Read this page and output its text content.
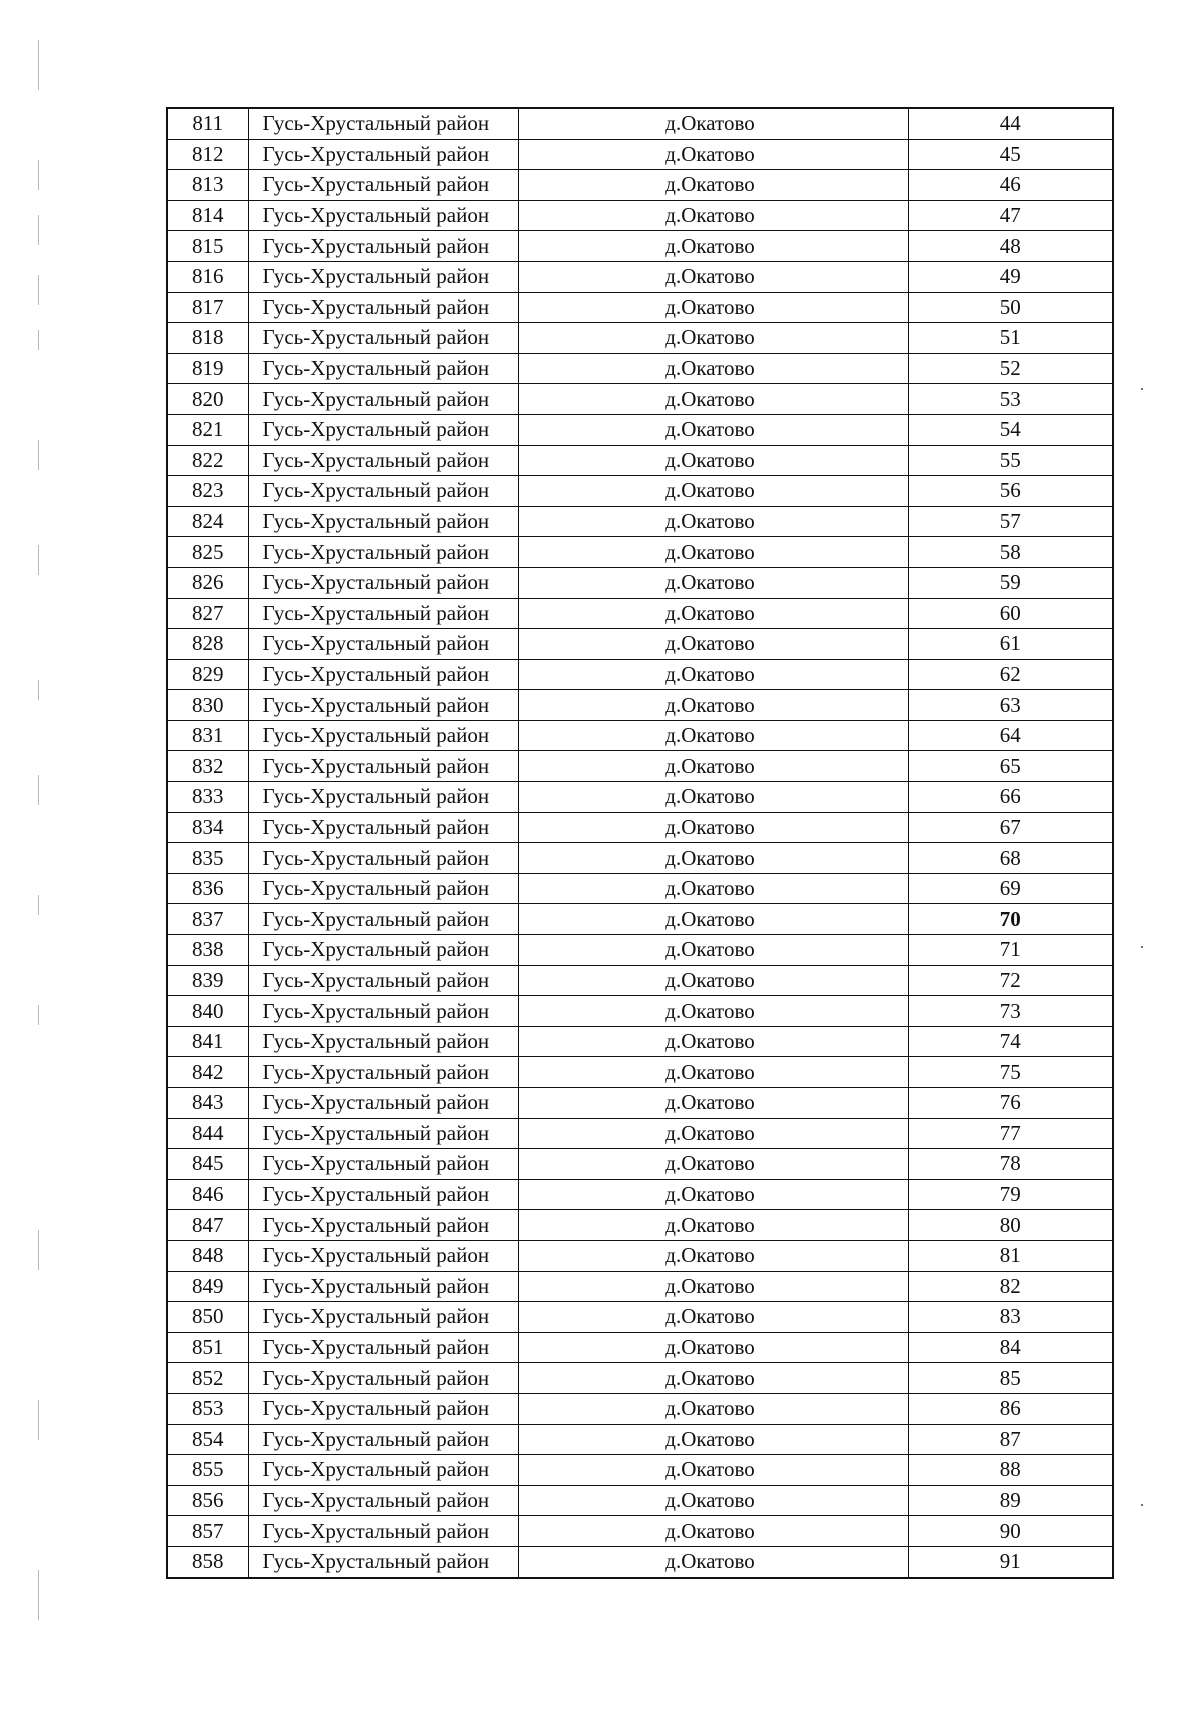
811	Гусь-Хрустальный район	д.Окатово	44
812	Гусь-Хрустальный район	д.Окатово	45
813	Гусь-Хрустальный район	д.Окатово	46
814	Гусь-Хрустальный район	д.Окатово	47
815	Гусь-Хрустальный район	д.Окатово	48
816	Гусь-Хрустальный район	д.Окатово	49
817	Гусь-Хрустальный район	д.Окатово	50
818	Гусь-Хрустальный район	д.Окатово	51
819	Гусь-Хрустальный район	д.Окатово	52
820	Гусь-Хрустальный район	д.Окатово	53
821	Гусь-Хрустальный район	д.Окатово	54
822	Гусь-Хрустальный район	д.Окатово	55
823	Гусь-Хрустальный район	д.Окатово	56
824	Гусь-Хрустальный район	д.Окатово	57
825	Гусь-Хрустальный район	д.Окатово	58
826	Гусь-Хрустальный район	д.Окатово	59
827	Гусь-Хрустальный район	д.Окатово	60
828	Гусь-Хрустальный район	д.Окатово	61
829	Гусь-Хрустальный район	д.Окатово	62
830	Гусь-Хрустальный район	д.Окатово	63
831	Гусь-Хрустальный район	д.Окатово	64
832	Гусь-Хрустальный район	д.Окатово	65
833	Гусь-Хрустальный район	д.Окатово	66
834	Гусь-Хрустальный район	д.Окатово	67
835	Гусь-Хрустальный район	д.Окатово	68
836	Гусь-Хрустальный район	д.Окатово	69
837	Гусь-Хрустальный район	д.Окатово	70
838	Гусь-Хрустальный район	д.Окатово	71
839	Гусь-Хрустальный район	д.Окатово	72
840	Гусь-Хрустальный район	д.Окатово	73
841	Гусь-Хрустальный район	д.Окатово	74
842	Гусь-Хрустальный район	д.Окатово	75
843	Гусь-Хрустальный район	д.Окатово	76
844	Гусь-Хрустальный район	д.Окатово	77
845	Гусь-Хрустальный район	д.Окатово	78
846	Гусь-Хрустальный район	д.Окатово	79
847	Гусь-Хрустальный район	д.Окатово	80
848	Гусь-Хрустальный район	д.Окатово	81
849	Гусь-Хрустальный район	д.Окатово	82
850	Гусь-Хрустальный район	д.Окатово	83
851	Гусь-Хрустальный район	д.Окатово	84
852	Гусь-Хрустальный район	д.Окатово	85
853	Гусь-Хрустальный район	д.Окатово	86
854	Гусь-Хрустальный район	д.Окатово	87
855	Гусь-Хрустальный район	д.Окатово	88
856	Гусь-Хрустальный район	д.Окатово	89
857	Гусь-Хрустальный район	д.Окатово	90
858	Гусь-Хрустальный район	д.Окатово	91
